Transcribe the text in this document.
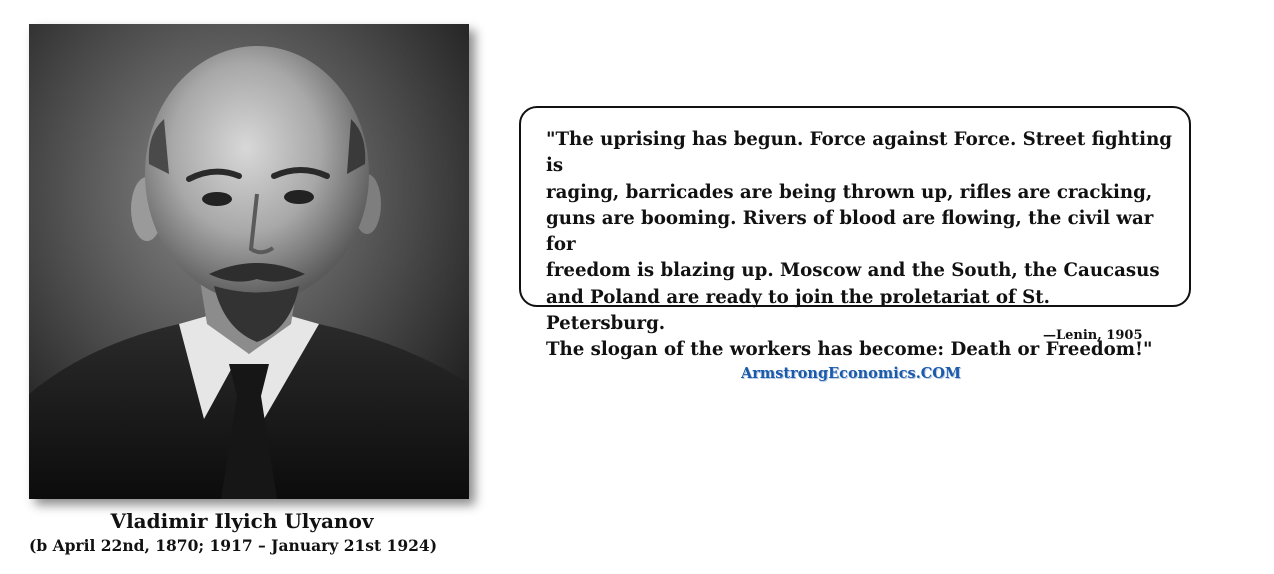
Vladimir Ilyich Ulyanov
(b April 22nd, 1870; 1917 – January 21st 1924)

"The uprising has begun. Force against Force. Street fighting is
raging, barricades are being thrown up, rifles are cracking,
guns are booming. Rivers of blood are flowing, the civil war for
freedom is blazing up. Moscow and the South, the Caucasus
and Poland are ready to join the proletariat of St. Petersburg.
The slogan of the workers has become: Death or Freedom!"

—Lenin, 1905
ArmstrongEconomics.COM
